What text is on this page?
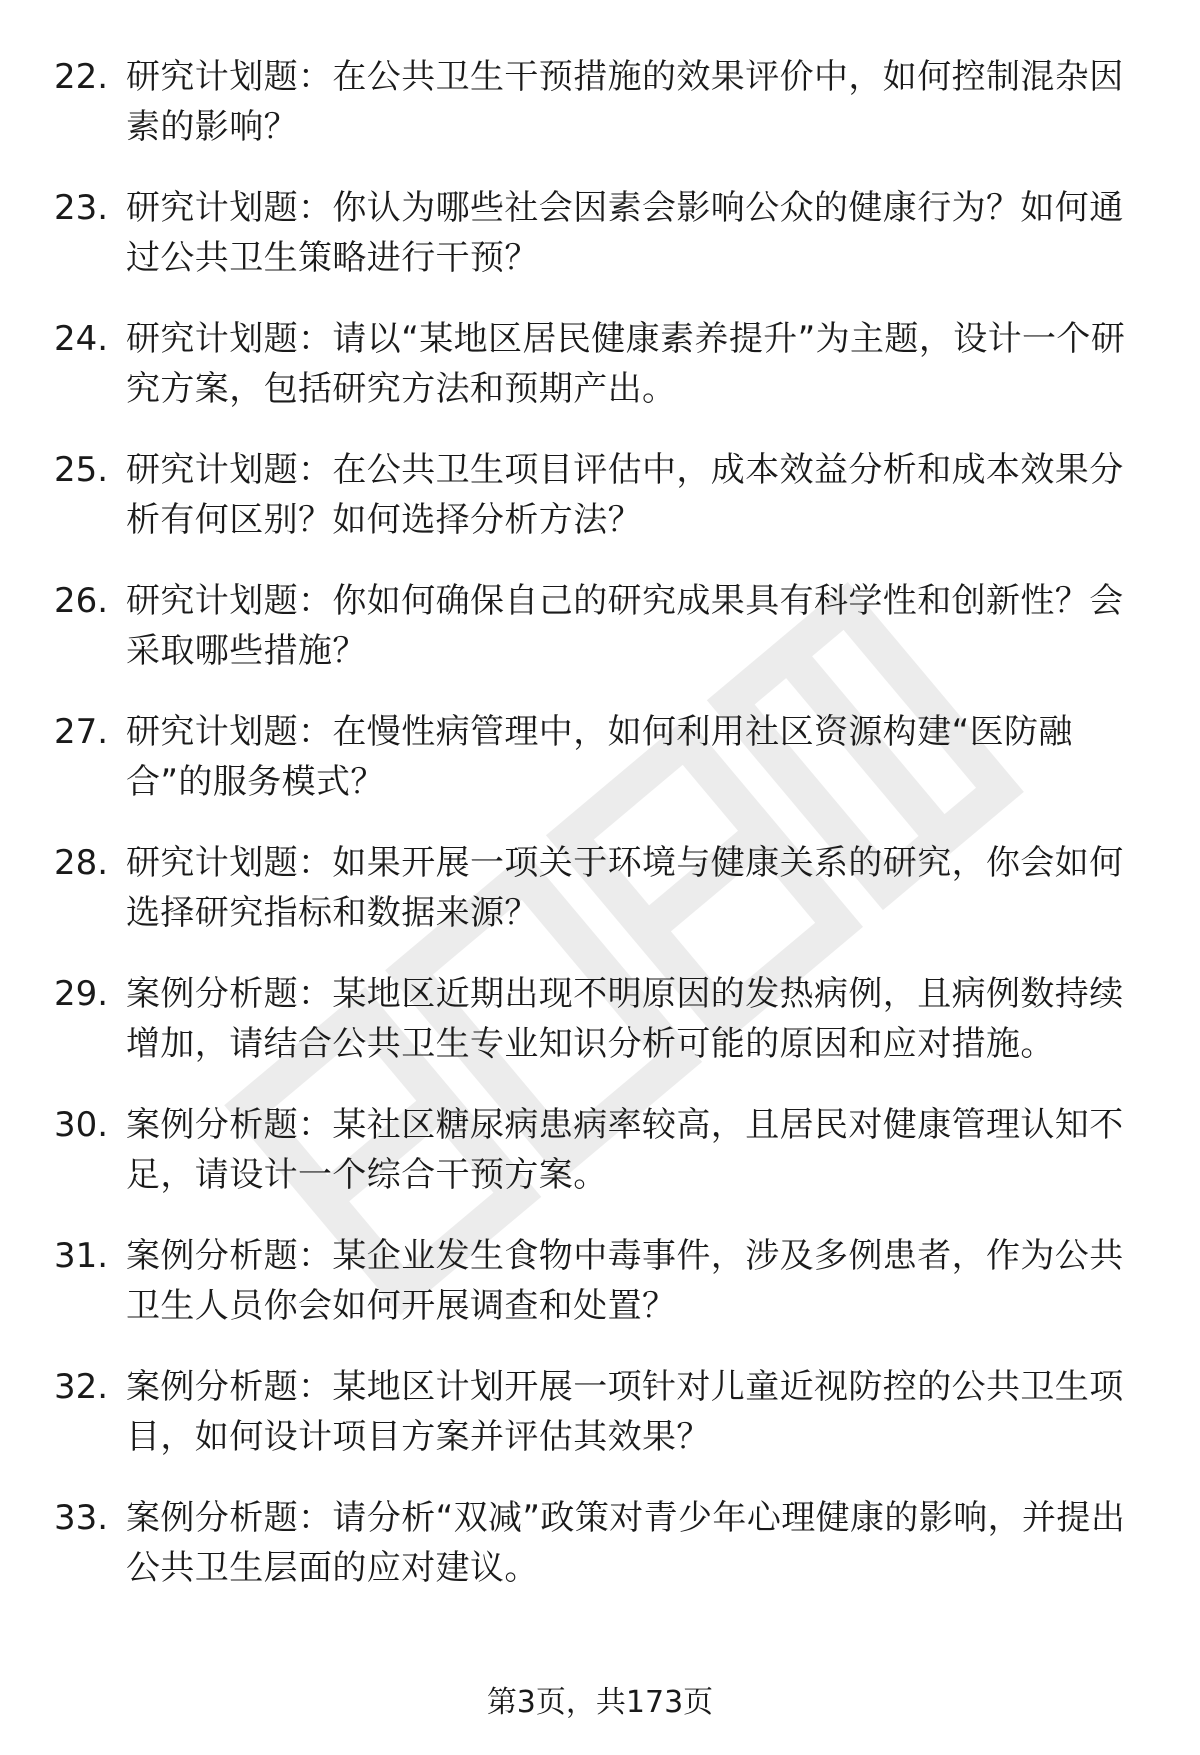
22. 研究计划题：在公共卫生干预措施的效果评价中，如何控制混杂因素的影响？
23. 研究计划题：你认为哪些社会因素会影响公众的健康行为？如何通过公共卫生策略进行干预？
24. 研究计划题：请以“某地区居民健康素养提升”为主题，设计一个研究方案，包括研究方法和预期产出。
25. 研究计划题：在公共卫生项目评估中，成本效益分析和成本效果分析有何区别？如何选择分析方法？
26. 研究计划题：你如何确保自己的研究成果具有科学性和创新性？会采取哪些措施？
27. 研究计划题：在慢性病管理中，如何利用社区资源构建“医防融合”的服务模式？
28. 研究计划题：如果开展一项关于环境与健康关系的研究，你会如何选择研究指标和数据来源？
29. 案例分析题：某地区近期出现不明原因的发热病例，且病例数持续增加，请结合公共卫生专业知识分析可能的原因和应对措施。
30. 案例分析题：某社区糖尿病患病率较高，且居民对健康管理认知不足，请设计一个综合干预方案。
31. 案例分析题：某企业发生食物中毒事件，涉及多例患者，作为公共卫生人员你会如何开展调查和处置？
32. 案例分析题：某地区计划开展一项针对儿童近视防控的公共卫生项目，如何设计项目方案并评估其效果？
33. 案例分析题：请分析“双减”政策对青少年心理健康的影响，并提出公共卫生层面的应对建议。
第3页，共173页
